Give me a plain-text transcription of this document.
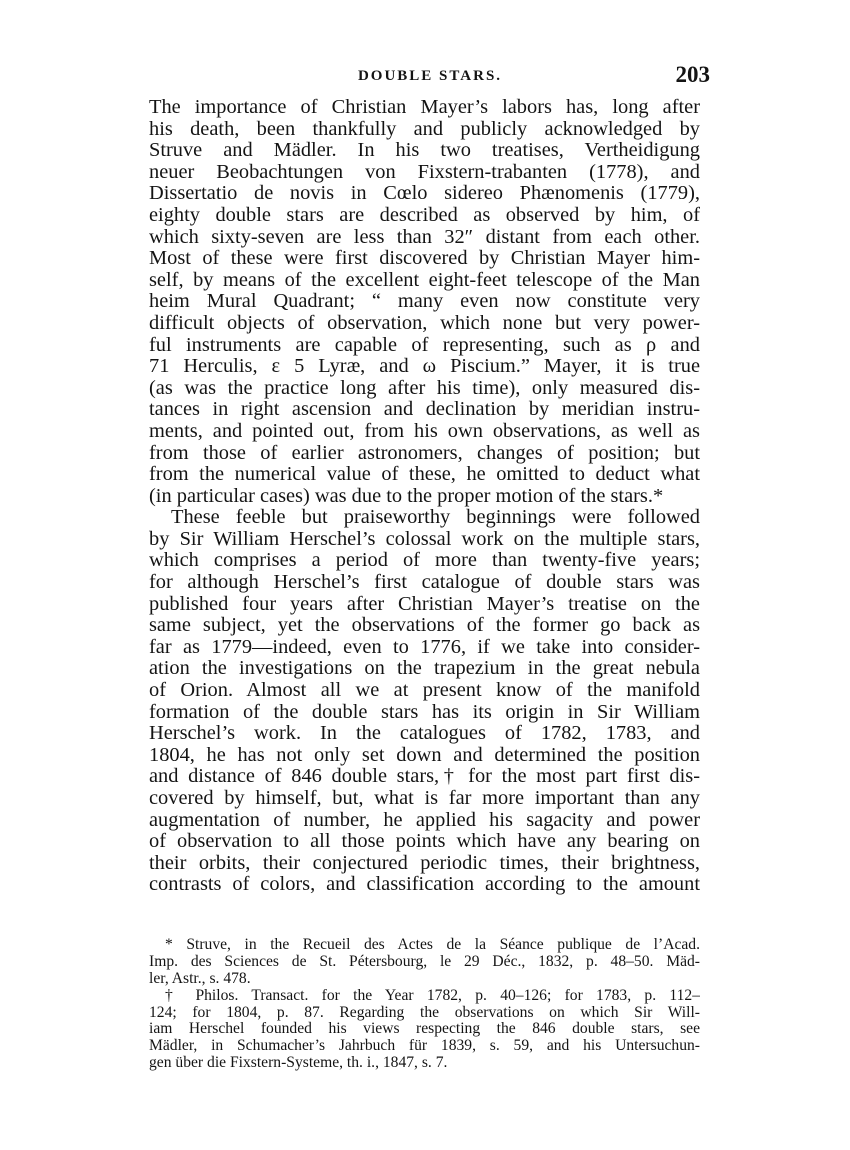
DOUBLE STARS.	203
The importance of Christian Mayer’s labors has, long after
his death, been thankfully and publicly acknowledged by
Struve and Mädler. In his two treatises, Vertheidigung
neuer Beobachtungen von Fixstern-trabanten (1778), and
Dissertatio de novis in Cœlo sidereo Phænomenis (1779),
eighty double stars are described as observed by him, of
which sixty-seven are less than 32″ distant from each other.
Most of these were first discovered by Christian Mayer him-
self, by means of the excellent eight-feet telescope of the Man
heim Mural Quadrant; “ many even now constitute very
difficult objects of observation, which none but very power-
ful instruments are capable of representing, such as ρ and
71 Herculis, ε 5 Lyræ, and ω Piscium.” Mayer, it is true
(as was the practice long after his time), only measured dis-
tances in right ascension and declination by meridian instru-
ments, and pointed out, from his own observations, as well as
from those of earlier astronomers, changes of position; but
from the numerical value of these, he omitted to deduct what
(in particular cases) was due to the proper motion of the stars.*
These feeble but praiseworthy beginnings were followed
by Sir William Herschel’s colossal work on the multiple stars,
which comprises a period of more than twenty-five years;
for although Herschel’s first catalogue of double stars was
published four years after Christian Mayer’s treatise on the
same subject, yet the observations of the former go back as
far as 1779—indeed, even to 1776, if we take into consider-
ation the investigations on the trapezium in the great nebula
of Orion. Almost all we at present know of the manifold
formation of the double stars has its origin in Sir William
Herschel’s work. In the catalogues of 1782, 1783, and
1804, he has not only set down and determined the position
and distance of 846 double stars,† for the most part first dis-
covered by himself, but, what is far more important than any
augmentation of number, he applied his sagacity and power
of observation to all those points which have any bearing on
their orbits, their conjectured periodic times, their brightness,
contrasts of colors, and classification according to the amount
* Struve, in the Recueil des Actes de la Séance publique de l’Acad.
Imp. des Sciences de St. Pétersbourg, le 29 Déc., 1832, p. 48–50. Mäd-
ler, Astr., s. 478.
† Philos. Transact. for the Year 1782, p. 40–126; for 1783, p. 112–
124; for 1804, p. 87. Regarding the observations on which Sir Will-
iam Herschel founded his views respecting the 846 double stars, see
Mädler, in Schumacher’s Jahrbuch für 1839, s. 59, and his Untersuchun-
gen über die Fixstern-Systeme, th. i., 1847, s. 7.
